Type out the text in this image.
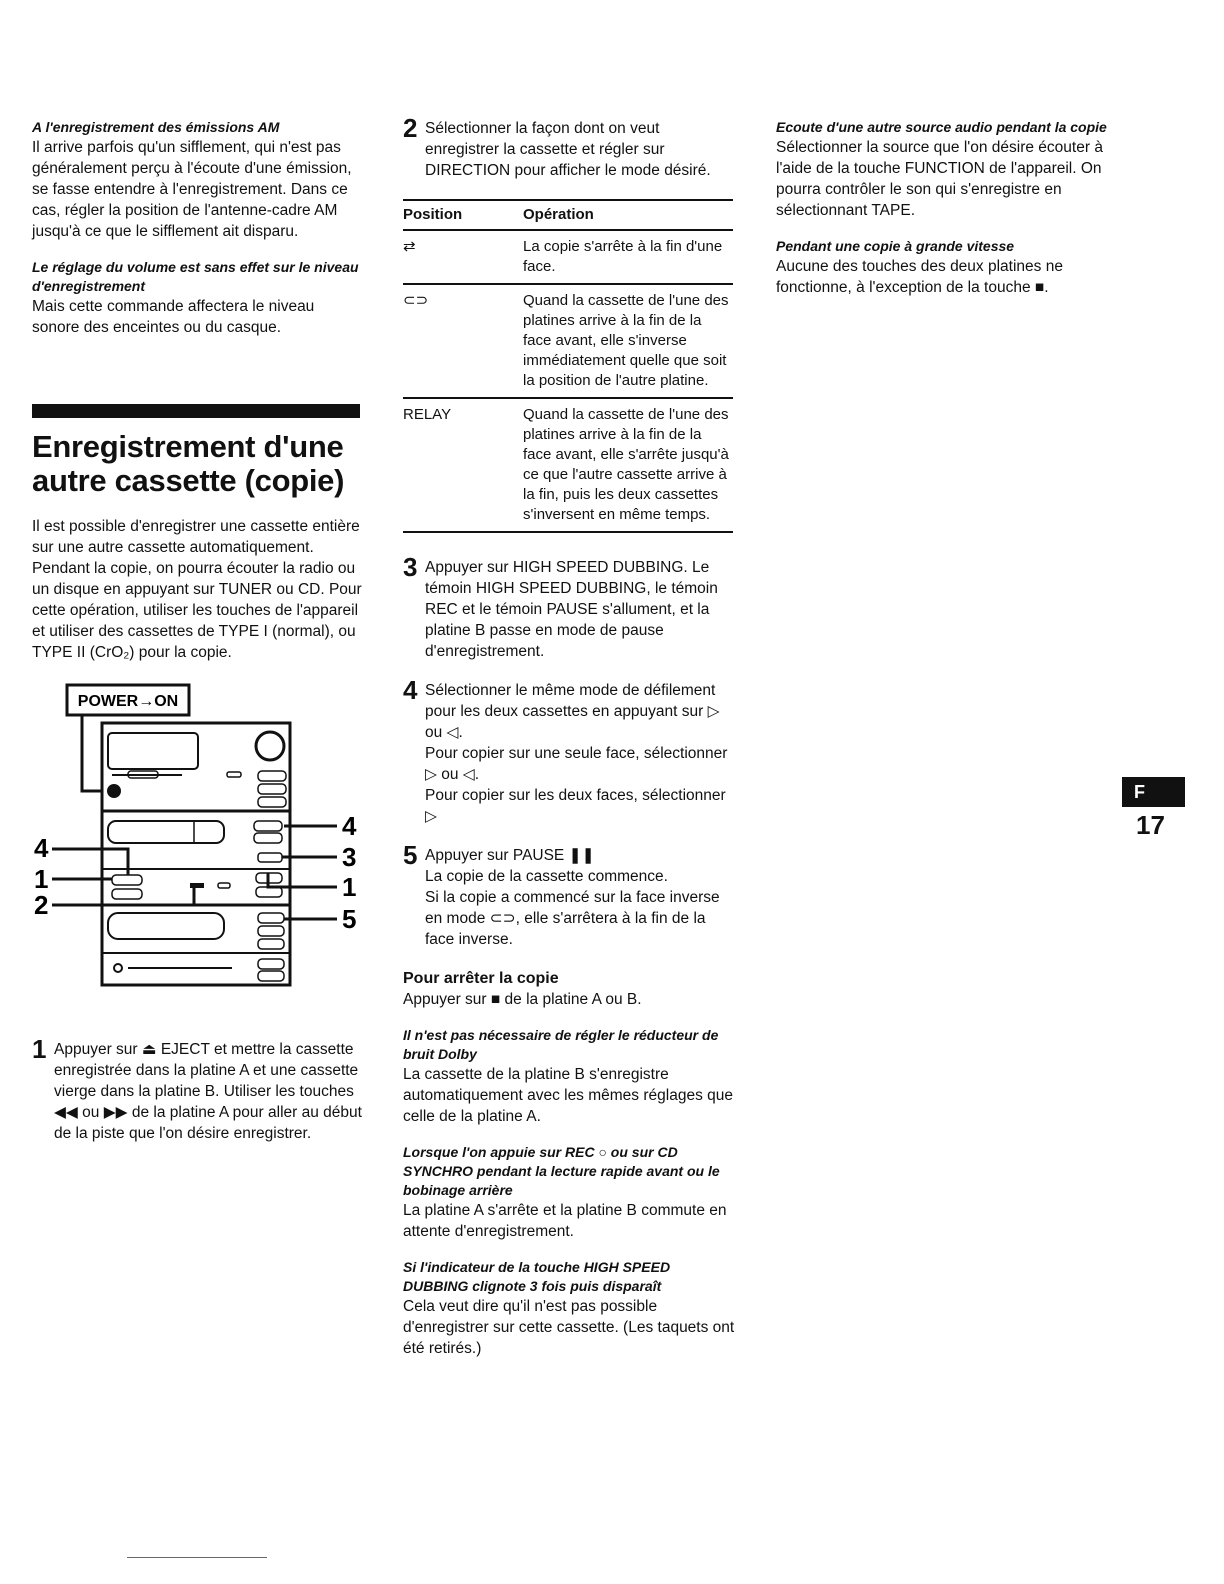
A l'enregistrement des émissions AM

Il arrive parfois qu'un sifflement, qui n'est pas généralement perçu à l'écoute d'une émission, se fasse entendre à l'enregistrement. Dans ce cas, régler la position de l'antenne-cadre AM jusqu'à ce que le sifflement ait disparu.

Le réglage du volume est sans effet sur le niveau d'enregistrement

Mais cette commande affectera le niveau sonore des enceintes ou du casque.

Enregistrement d'une autre cassette (copie)

Il est possible d'enregistrer une cassette entière sur une autre cassette automatiquement. Pendant la copie, on pourra écouter la radio ou un disque en appuyant sur TUNER ou CD. Pour cette opération, utiliser les touches de l'appareil et utiliser des cassettes de TYPE I (normal), ou TYPE II (CrO₂) pour la copie.

POWER→ON
4
1
2
4
3
1
5
1 Appuyer sur ⏏ EJECT et mettre la cassette enregistrée dans la platine A et une cassette vierge dans la platine B. Utiliser les touches ◀◀ ou ▶▶ de la platine A pour aller au début de la piste que l'on désire enregistrer.
2 Sélectionner la façon dont on veut enregistrer la cassette et régler sur DIRECTION pour afficher le mode désiré.
Position	Opération
⇄	La copie s'arrête à la fin d'une face.
⊂⊃	Quand la cassette de l'une des platines arrive à la fin de la face avant, elle s'inverse immédiatement quelle que soit la position de l'autre platine.
RELAY	Quand la cassette de l'une des platines arrive à la fin de la face avant, elle s'arrête jusqu'à ce que l'autre cassette arrive à la fin, puis les deux cassettes s'inversent en même temps.
3 Appuyer sur HIGH SPEED DUBBING. Le témoin HIGH SPEED DUBBING, le témoin REC et le témoin PAUSE s'allument, et la platine B passe en mode de pause d'enregistrement.
4 Sélectionner le même mode de défilement pour les deux cassettes en appuyant sur ▷ ou ◁.
Pour copier sur une seule face, sélectionner ▷ ou ◁.
Pour copier sur les deux faces, sélectionner ▷
5 Appuyer sur PAUSE ❚❚
La copie de la cassette commence.
Si la copie a commencé sur la face inverse en mode ⊂⊃, elle s'arrêtera à la fin de la face inverse.

Pour arrêter la copie

Appuyer sur ■ de la platine A ou B.

Il n'est pas nécessaire de régler le réducteur de bruit Dolby

La cassette de la platine B s'enregistre automatiquement avec les mêmes réglages que celle de la platine A.

Lorsque l'on appuie sur REC ○ ou sur CD SYNCHRO pendant la lecture rapide avant ou le bobinage arrière

La platine A s'arrête et la platine B commute en attente d'enregistrement.

Si l'indicateur de la touche HIGH SPEED DUBBING clignote 3 fois puis disparaît

Cela veut dire qu'il n'est pas possible d'enregistrer sur cette cassette. (Les taquets ont été retirés.)

Ecoute d'une autre source audio pendant la copie

Sélectionner la source que l'on désire écouter à l'aide de la touche FUNCTION de l'appareil. On pourra contrôler le son qui s'enregistre en sélectionnant TAPE.

Pendant une copie à grande vitesse

Aucune des touches des deux platines ne fonctionne, à l'exception de la touche ■.

F
17
